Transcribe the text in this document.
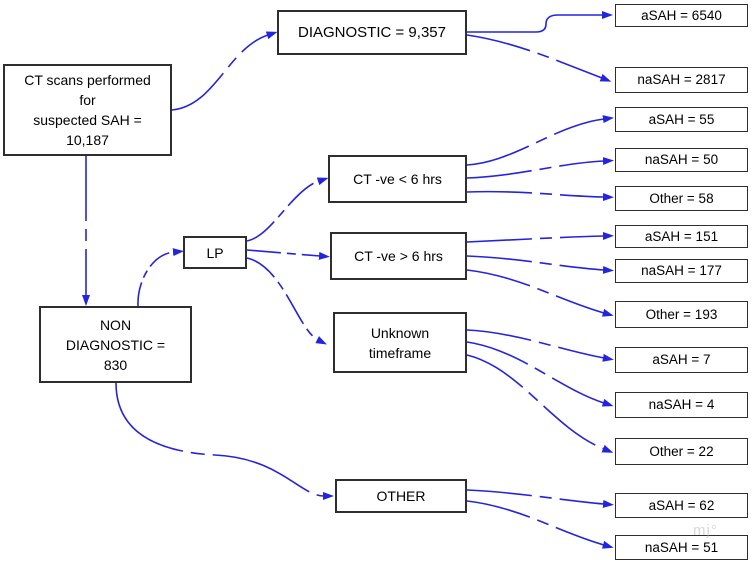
CT scans performed
for
suspected SAH =
10,187
DIAGNOSTIC = 9,357
NON
DIAGNOSTIC =
830
LP
CT -ve < 6 hrs
CT -ve > 6 hrs
Unknown
timeframe
OTHER
aSAH = 6540
naSAH = 2817
aSAH = 55
naSAH = 50
Other = 58
aSAH = 151
naSAH = 177
Other = 193
aSAH = 7
naSAH = 4
Other = 22
aSAH = 62
naSAH = 51
mj°
